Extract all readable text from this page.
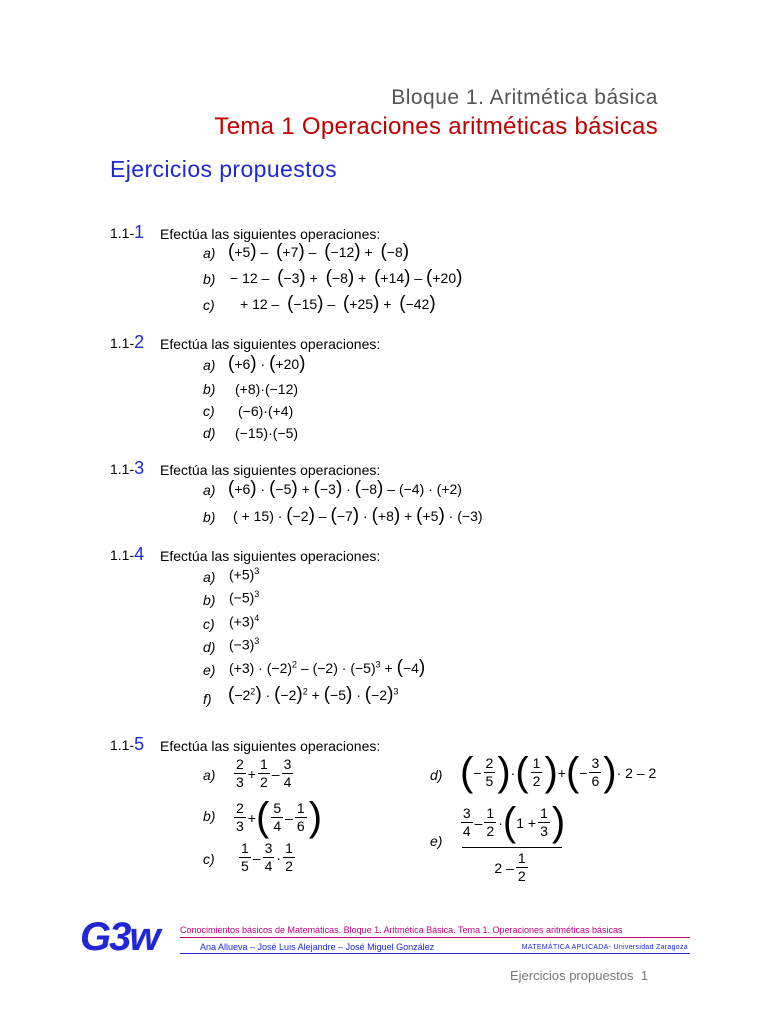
Bloque 1. Aritmética básica
Tema 1 Operaciones aritméticas básicas
Ejercicios propuestos
1.1-1 Efectúa las siguientes operaciones:
a) (+5) –  (+7) –  (−12) +  (−8)
b) − 12 –  (−3) +  (−8) +  (+14) – (+20)
c) + 12 –  (−15) –  (+25) +  (−42)
1.1-2 Efectúa las siguientes operaciones:
a) (+6) · (+20)
b) (+8)·(−12)
c) (−6)·(+4)
d) (−15)·(−5)
1.1-3 Efectúa las siguientes operaciones:
a) (+6) · (−5) + (−3) · (−8) – (−4) · (+2)
b) ( + 15) · (−2) – (−7) · (+8) + (+5) · (−3)
1.1-4 Efectúa las siguientes operaciones:
a) $(+5)^3$
b) $(-5)^3$
c) $(+3)^4$
d) $(-3)^3$
e) $(+3) \cdot (-2)^2 - (-2) \cdot (-5)^3 + (-4)$
f) $(-2^2) \cdot (-2)^2 + (-5) \cdot (-2)^3$
1.1-5 Efectúa las siguientes operaciones:
a)
2
3
+
1
2
–
3
4
b) 2
3
+ ( 5
4
–
1
6 )
c)
1
5
–
3
4
·
1
2
d) ( −
2
5 ) · ( 1
2 ) + ( −
3
6 ) · 2 – 2
e)
3
4
–
1
2
· ( 1 +
1
3 )
2 –
1
2
G3w Conocimientos básicos de Matemáticas. Bloque 1. Aritmética Básica. Tema 1. Operaciones aritméticas básicas
Ana Allueva – José Luis Alejandre – José Miguel González	MATEMÁTICA APLICADA- Universidad Zaragoza
Ejercicios propuestos 1
